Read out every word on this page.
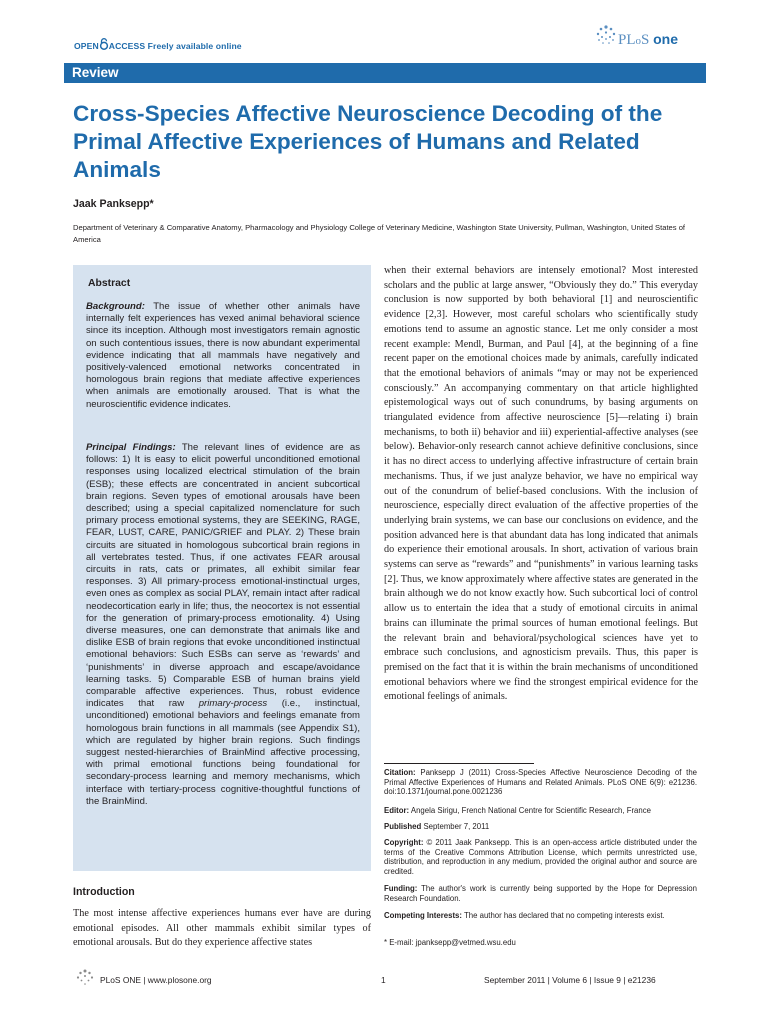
OPEN ACCESS Freely available online	PLoS one
Review
Cross-Species Affective Neuroscience Decoding of the Primal Affective Experiences of Humans and Related Animals
Jaak Panksepp*
Department of Veterinary & Comparative Anatomy, Pharmacology and Physiology College of Veterinary Medicine, Washington State University, Pullman, Washington, United States of America
Abstract
Background: The issue of whether other animals have internally felt experiences has vexed animal behavioral science since its inception. Although most investigators remain agnostic on such contentious issues, there is now abundant experimental evidence indicating that all mammals have negatively and positively-valenced emotional networks concentrated in homologous brain regions that mediate affective experiences when animals are emotionally aroused. That is what the neuroscientific evidence indicates.
Principal Findings: The relevant lines of evidence are as follows: 1) It is easy to elicit powerful unconditioned emotional responses using localized electrical stimulation of the brain (ESB); these effects are concentrated in ancient subcortical brain regions. Seven types of emotional arousals have been described; using a special capitalized nomenclature for such primary process emotional systems, they are SEEKING, RAGE, FEAR, LUST, CARE, PANIC/GRIEF and PLAY. 2) These brain circuits are situated in homologous subcortical brain regions in all vertebrates tested. Thus, if one activates FEAR arousal circuits in rats, cats or primates, all exhibit similar fear responses. 3) All primary-process emotional-instinctual urges, even ones as complex as social PLAY, remain intact after radical neodecortication early in life; thus, the neocortex is not essential for the generation of primary-process emotionality. 4) Using diverse measures, one can demonstrate that animals like and dislike ESB of brain regions that evoke unconditioned instinctual emotional behaviors: Such ESBs can serve as ‘rewards’ and ‘punishments’ in diverse approach and escape/avoidance learning tasks. 5) Comparable ESB of human brains yield comparable affective experiences. Thus, robust evidence indicates that raw primary-process (i.e., instinctual, unconditioned) emotional behaviors and feelings emanate from homologous brain functions in all mammals (see Appendix S1), which are regulated by higher brain regions. Such findings suggest nested-hierarchies of BrainMind affective processing, with primal emotional functions being foundational for secondary-process learning and memory mechanisms, which interface with tertiary-process cognitive-thoughtful functions of the BrainMind.
Introduction
The most intense affective experiences humans ever have are during emotional episodes. All other mammals exhibit similar types of emotional arousals. But do they experience affective states
when their external behaviors are intensely emotional? Most interested scholars and the public at large answer, “Obviously they do.” This everyday conclusion is now supported by both behavioral [1] and neuroscientific evidence [2,3]. However, most careful scholars who scientifically study emotions tend to assume an agnostic stance. Let me only consider a most recent example: Mendl, Burman, and Paul [4], at the beginning of a fine recent paper on the emotional choices made by animals, carefully indicated that the emotional behaviors of animals “may or may not be experienced consciously.” An accompanying commentary on that article highlighted epistemological ways out of such conundrums, by basing arguments on triangulated evidence from affective neuroscience [5]—relating i) brain mechanisms, to both ii) behavior and iii) experiential-affective analyses (see below). Behavior-only research cannot achieve definitive conclusions, since it has no direct access to underlying affective infrastructure of certain brain mechanisms. Thus, if we just analyze behavior, we have no empirical way out of the conundrum of belief-based conclusions. With the inclusion of neuroscience, especially direct evaluation of the affective properties of the underlying brain systems, we can base our conclusions on evidence, and the position advanced here is that abundant data has long indicated that animals do experience their emotional arousals. In short, activation of various brain systems can serve as “rewards” and “punishments” in various learning tasks [2]. Thus, we know approximately where affective states are generated in the brain although we do not know exactly how. Such subcortical loci of control allow us to entertain the idea that a study of emotional circuits in animal brains can illuminate the primal sources of human emotional feelings. But the relevant brain and behavioral/psychological sciences have yet to embrace such conclusions, and agnosticism prevails. Thus, this paper is premised on the fact that it is within the brain mechanisms of unconditioned emotional behaviors where we find the strongest empirical evidence for the emotional feelings of animals.
Citation: Panksepp J (2011) Cross-Species Affective Neuroscience Decoding of the Primal Affective Experiences of Humans and Related Animals. PLoS ONE 6(9): e21236. doi:10.1371/journal.pone.0021236
Editor: Angela Sirigu, French National Centre for Scientific Research, France
Published September 7, 2011
Copyright: © 2011 Jaak Panksepp. This is an open-access article distributed under the terms of the Creative Commons Attribution License, which permits unrestricted use, distribution, and reproduction in any medium, provided the original author and source are credited.
Funding: The author's work is currently being supported by the Hope for Depression Research Foundation.
Competing Interests: The author has declared that no competing interests exist.
* E-mail: jpanksepp@vetmed.wsu.edu
PLoS ONE | www.plosone.org	1	September 2011 | Volume 6 | Issue 9 | e21236
